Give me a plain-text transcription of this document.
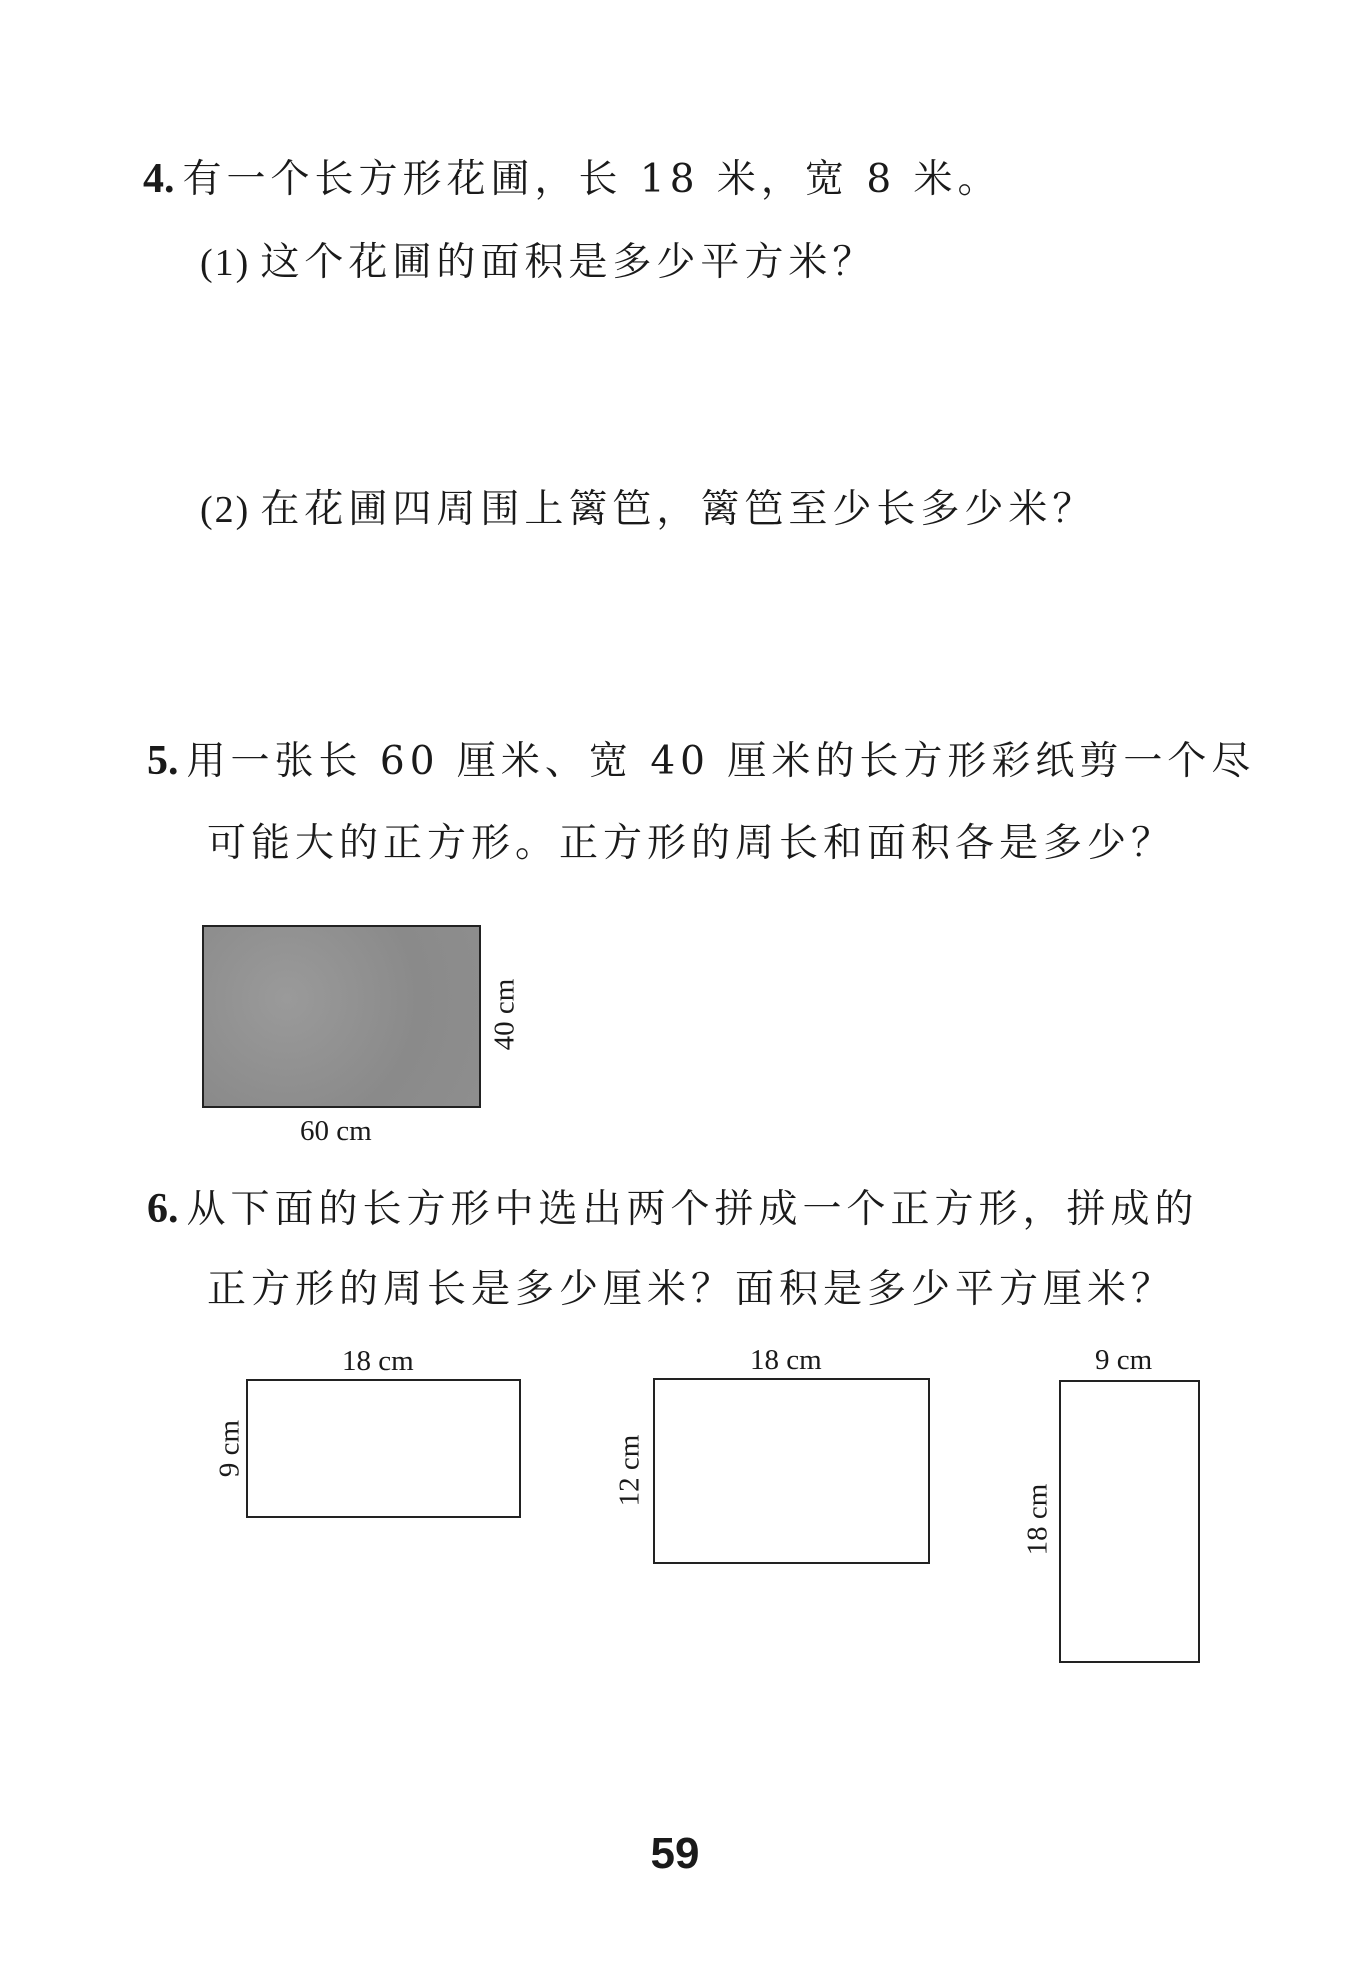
4. 有一个长方形花圃，长 18 米，宽 8 米。
(1) 这个花圃的面积是多少平方米？
(2) 在花圃四周围上篱笆，篱笆至少长多少米？
5. 用一张长 60 厘米、宽 40 厘米的长方形彩纸剪一个尽
可能大的正方形。正方形的周长和面积各是多少？
40 cm
60 cm
6. 从下面的长方形中选出两个拼成一个正方形，拼成的
正方形的周长是多少厘米？面积是多少平方厘米？
18 cm
9 cm
18 cm
12 cm
9 cm
18 cm
59
